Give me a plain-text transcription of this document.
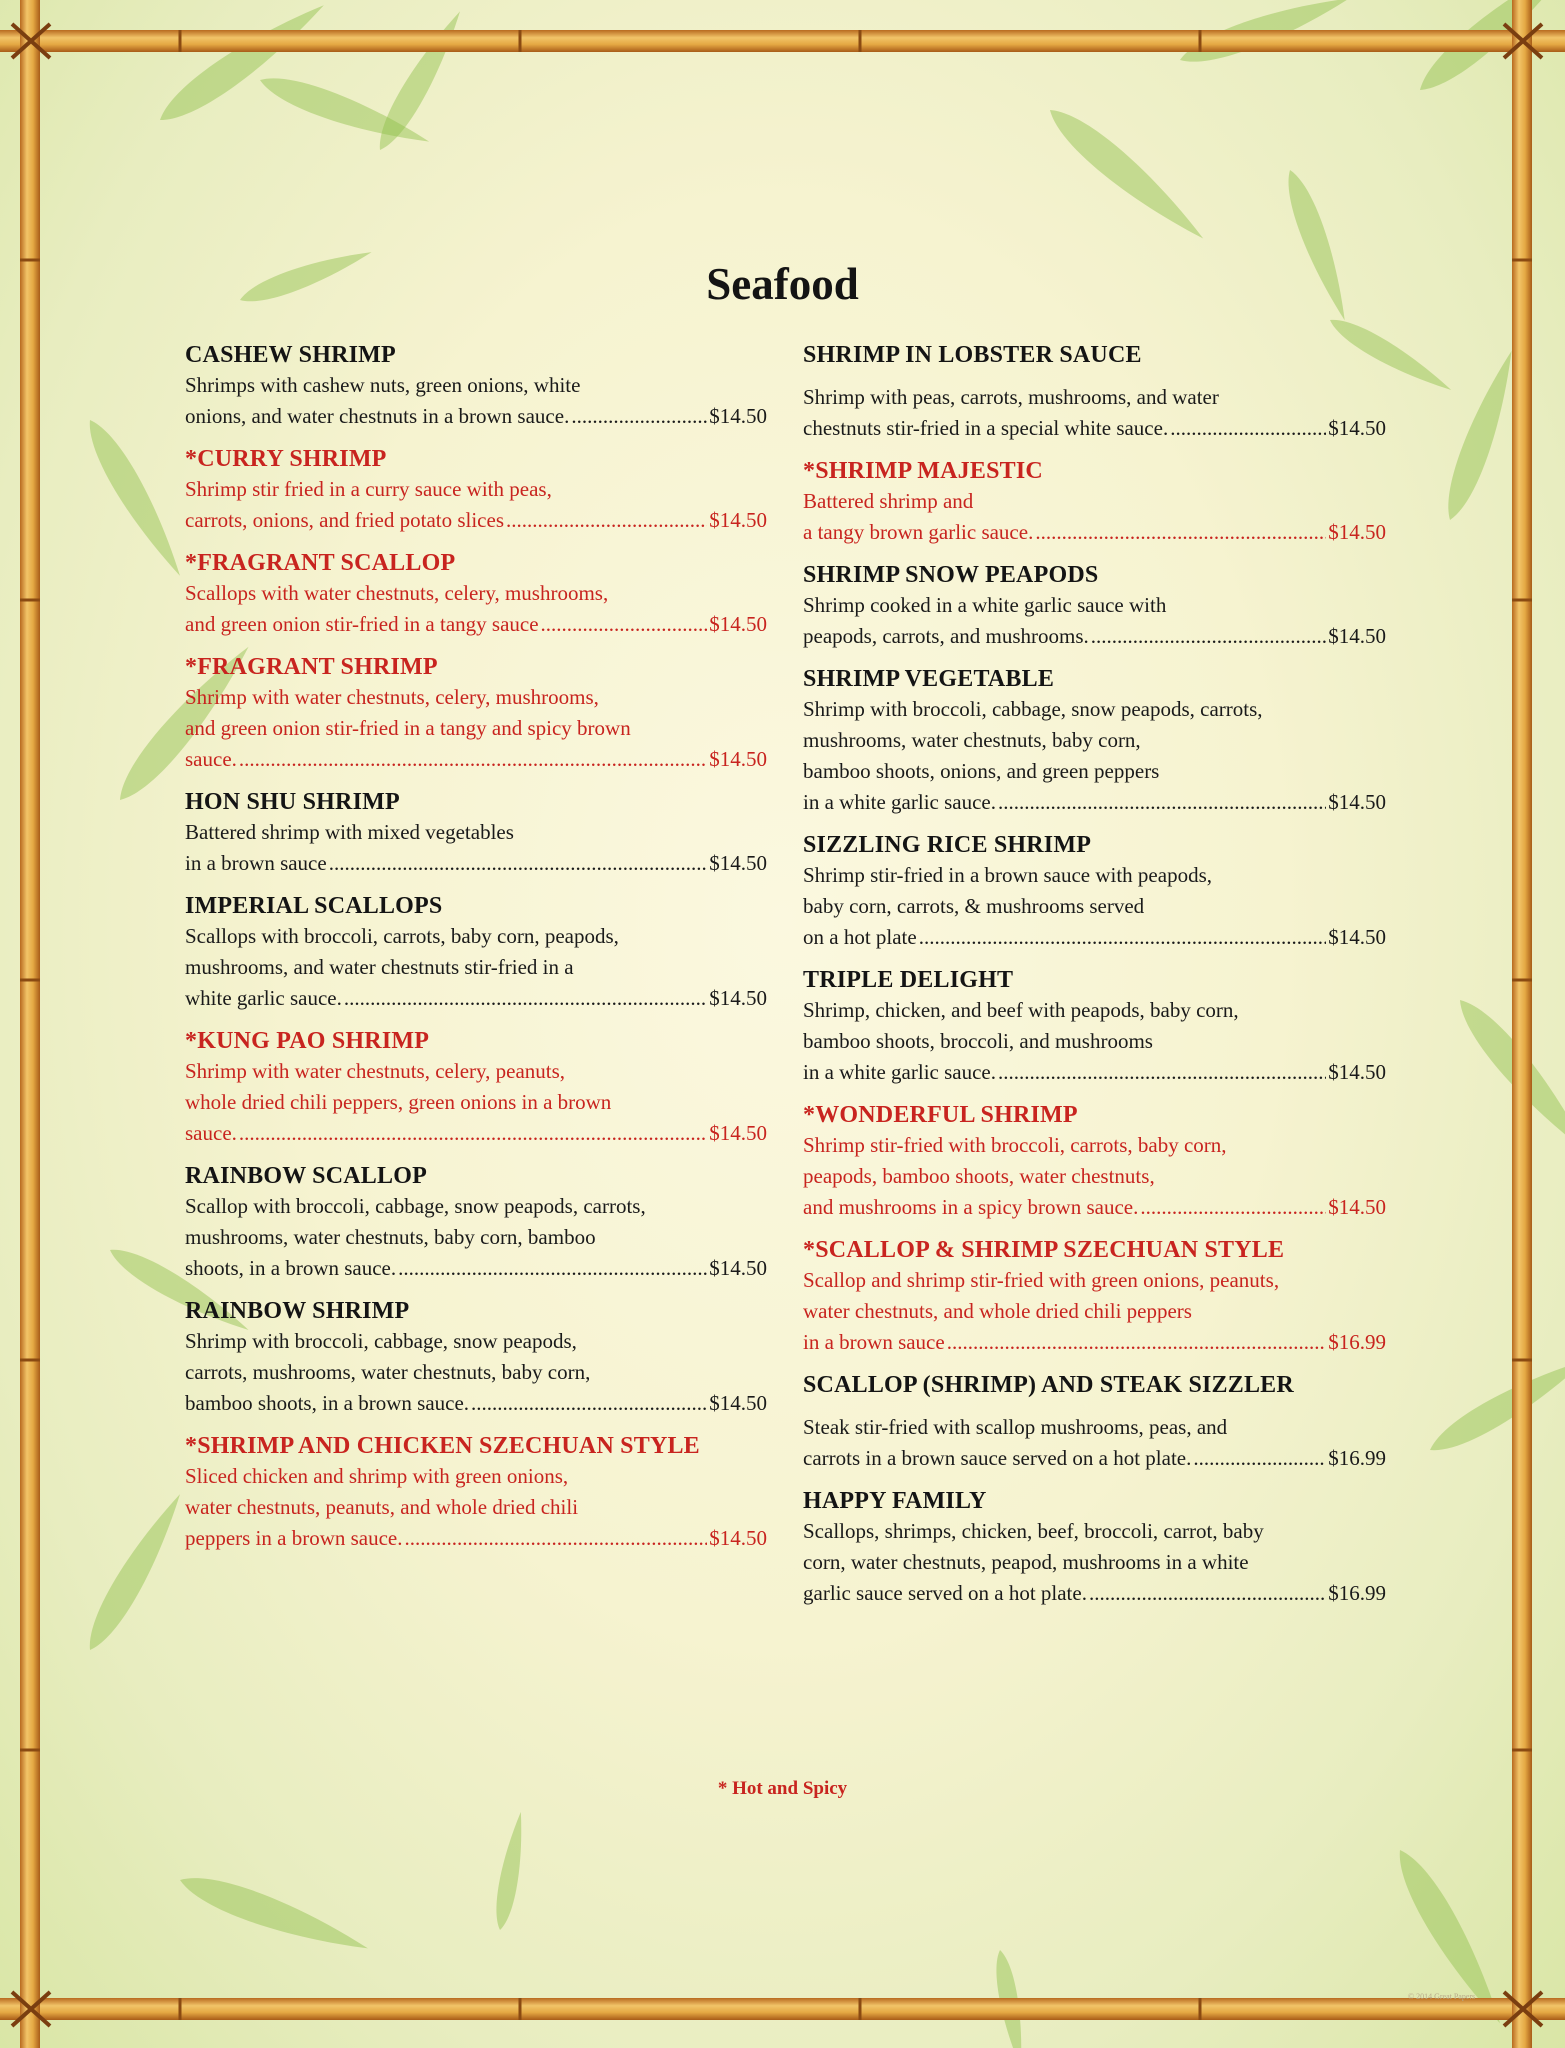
Seafood
CASHEW SHRIMP
Shrimps with cashew nuts, green onions, white
onions, and water chestnuts in a brown sauce. .....	$14.50
*CURRY SHRIMP
Shrimp stir fried in a curry sauce with peas,
carrots, onions, and fried potato slices .....	$14.50
*FRAGRANT SCALLOP
Scallops with water chestnuts, celery, mushrooms,
and green onion stir-fried in a tangy sauce .....	$14.50
*FRAGRANT SHRIMP
Shrimp with water chestnuts, celery, mushrooms,
and green onion stir-fried in a tangy and spicy brown
sauce. .....	$14.50
HON SHU SHRIMP
Battered shrimp with mixed vegetables
in a brown sauce .....	$14.50
IMPERIAL SCALLOPS
Scallops with broccoli, carrots, baby corn, peapods,
mushrooms, and water chestnuts stir-fried in a
white garlic sauce. .....	$14.50
*KUNG PAO SHRIMP
Shrimp with water chestnuts, celery, peanuts,
whole dried chili peppers, green onions in a brown
sauce. .....	$14.50
RAINBOW SCALLOP
Scallop with broccoli, cabbage, snow peapods, carrots,
mushrooms, water chestnuts, baby corn, bamboo
shoots, in a brown sauce. .....	$14.50
RAINBOW SHRIMP
Shrimp with broccoli, cabbage, snow peapods,
carrots, mushrooms, water chestnuts, baby corn,
bamboo shoots, in a brown sauce. .....	$14.50
*SHRIMP AND CHICKEN SZECHUAN STYLE
Sliced chicken and shrimp with green onions,
water chestnuts, peanuts, and whole dried chili
peppers in a brown sauce. .....	$14.50
SHRIMP IN LOBSTER SAUCE
Shrimp with peas, carrots, mushrooms, and water
chestnuts stir-fried in a special white sauce. .....	$14.50
*SHRIMP MAJESTIC
Battered shrimp and
a tangy brown garlic sauce. .....	$14.50
SHRIMP SNOW PEAPODS
Shrimp cooked in a white garlic sauce with
peapods, carrots, and mushrooms. .....	$14.50
SHRIMP VEGETABLE
Shrimp with broccoli, cabbage, snow peapods, carrots,
mushrooms, water chestnuts, baby corn,
bamboo shoots, onions, and green peppers
in a white garlic sauce. .....	$14.50
SIZZLING RICE SHRIMP
Shrimp stir-fried in a brown sauce with peapods,
baby corn, carrots, & mushrooms served
on a hot plate .....	$14.50
TRIPLE DELIGHT
Shrimp, chicken, and beef with peapods, baby corn,
bamboo shoots, broccoli, and mushrooms
in a white garlic sauce. .....	$14.50
*WONDERFUL SHRIMP
Shrimp stir-fried with broccoli, carrots, baby corn,
peapods, bamboo shoots, water chestnuts,
and mushrooms in a spicy brown sauce. .....	$14.50
*SCALLOP & SHRIMP SZECHUAN STYLE
Scallop and shrimp stir-fried with green onions, peanuts,
water chestnuts, and whole dried chili peppers
in a brown sauce .....	$16.99
SCALLOP (SHRIMP) AND STEAK SIZZLER
Steak stir-fried with scallop mushrooms, peas, and
carrots in a brown sauce served on a hot plate. .....	$16.99
HAPPY FAMILY
Scallops, shrimps, chicken, beef, broccoli, carrot, baby
corn, water chestnuts, peapod, mushrooms in a white
garlic sauce served on a hot plate. .....	$16.99
* Hot and Spicy
© 2014 Great Papers
